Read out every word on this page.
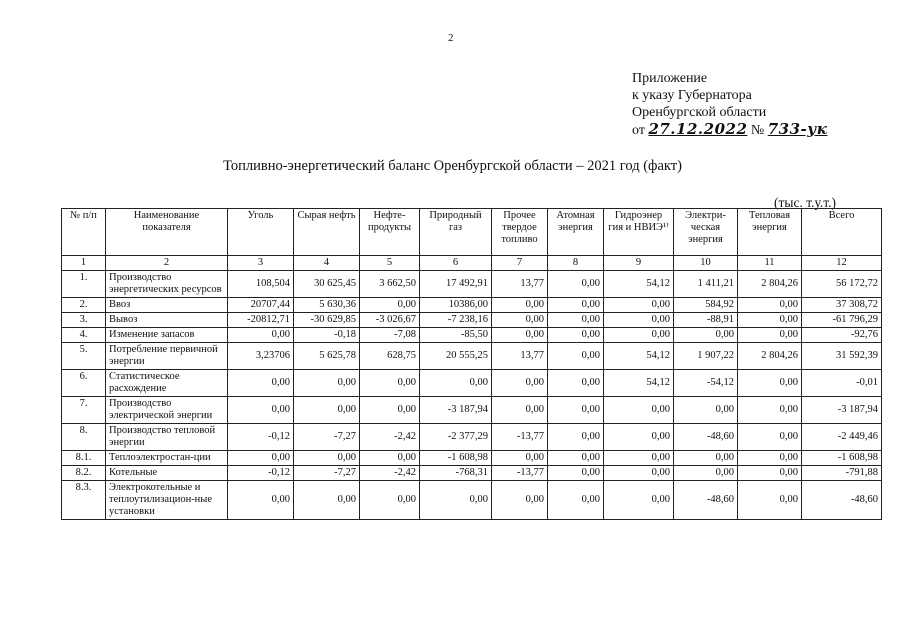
2
Приложение
к указу Губернатора
Оренбургской области
от 27.12.2022 № 733-ук
Топливно-энергетический баланс Оренбургской области – 2021 год (факт)
(тыс. т.у.т.)
№ п/п	Наименование показателя	Уголь	Сырая нефть	Нефте-продукты	Природный газ	Прочее твердое топливо	Атомная энергия	Гидроэнер гия и НВИЭ¹⁾	Электри-ческая энергия	Тепловая энергия	Всего
1	2	3	4	5	6	7	8	9	10	11	12
1.	Производство энергетических ресурсов	108,504	30 625,45	3 662,50	17 492,91	13,77	0,00	54,12	1 411,21	2 804,26	56 172,72
2.	Ввоз	20707,44	5 630,36	0,00	10386,00	0,00	0,00	0,00	584,92	0,00	37 308,72
3.	Вывоз	-20812,71	-30 629,85	-3 026,67	-7 238,16	0,00	0,00	0,00	-88,91	0,00	-61 796,29
4.	Изменение запасов	0,00	-0,18	-7,08	-85,50	0,00	0,00	0,00	0,00	0,00	-92,76
5.	Потребление первичной энергии	3,23706	5 625,78	628,75	20 555,25	13,77	0,00	54,12	1 907,22	2 804,26	31 592,39
6.	Статистическое расхождение	0,00	0,00	0,00	0,00	0,00	0,00	54,12	-54,12	0,00	-0,01
7.	Производство электрической энергии	0,00	0,00	0,00	-3 187,94	0,00	0,00	0,00	0,00	0,00	-3 187,94
8.	Производство тепловой энергии	-0,12	-7,27	-2,42	-2 377,29	-13,77	0,00	0,00	-48,60	0,00	-2 449,46
8.1.	Теплоэлектростан-ции	0,00	0,00	0,00	-1 608,98	0,00	0,00	0,00	0,00	0,00	-1 608,98
8.2.	Котельные	-0,12	-7,27	-2,42	-768,31	-13,77	0,00	0,00	0,00	0,00	-791,88
8.3.	Электрокотельные и теплоутилизацион-ные установки	0,00	0,00	0,00	0,00	0,00	0,00	0,00	-48,60	0,00	-48,60
